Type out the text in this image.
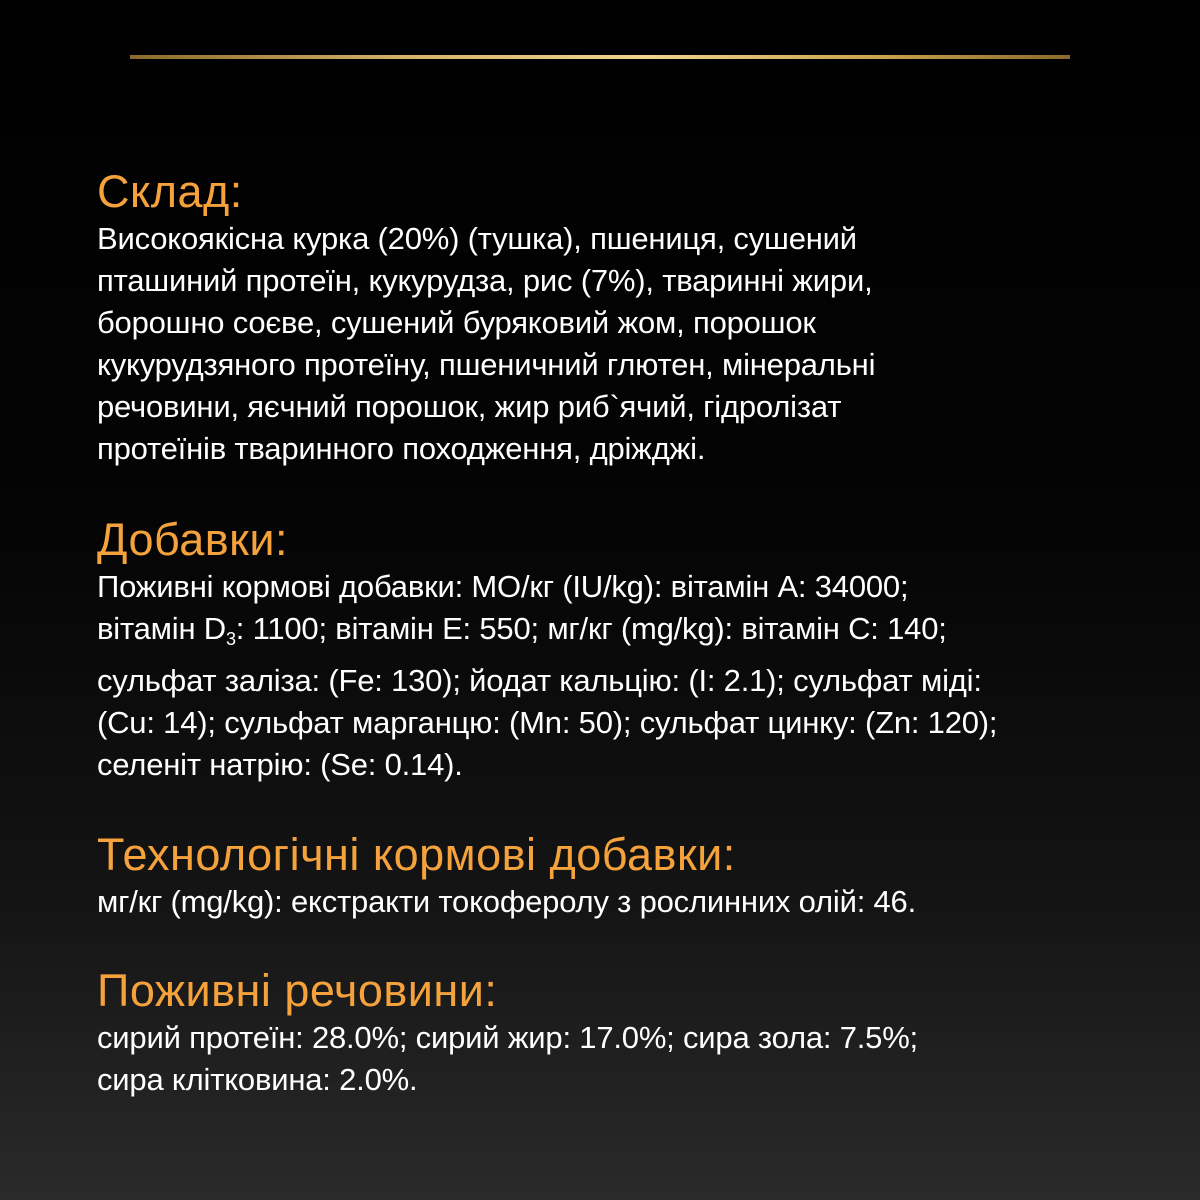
Склад:
Високоякісна курка (20%) (тушка), пшениця, сушений
пташиний протеїн, кукурудза, рис (7%), тваринні жири,
борошно соєве, сушений буряковий жом, порошок
кукурудзяного протеїну, пшеничний глютен, мінеральні
речовини, яєчний порошок, жир риб`ячий, гідролізат
протеїнів тваринного походження, дріжджі.
Добавки:
Поживні кормові добавки: МО/кг (IU/kg): вітамін А: 34000;
вітамін D3: 1100; вітамін Е: 550; мг/кг (mg/kg): вітамін С: 140;
сульфат заліза: (Fe: 130); йодат кальцію: (I: 2.1); сульфат міді:
(Cu: 14); сульфат марганцю: (Mn: 50); сульфат цинку: (Zn: 120);
селеніт натрію: (Se: 0.14).
Технологічні кормові добавки:
мг/кг (mg/kg): екстракти токоферолу з рослинних олій: 46.
Поживні речовини:
сирий протеїн: 28.0%; сирий жир: 17.0%; сира зола: 7.5%;
сира клітковина: 2.0%.
